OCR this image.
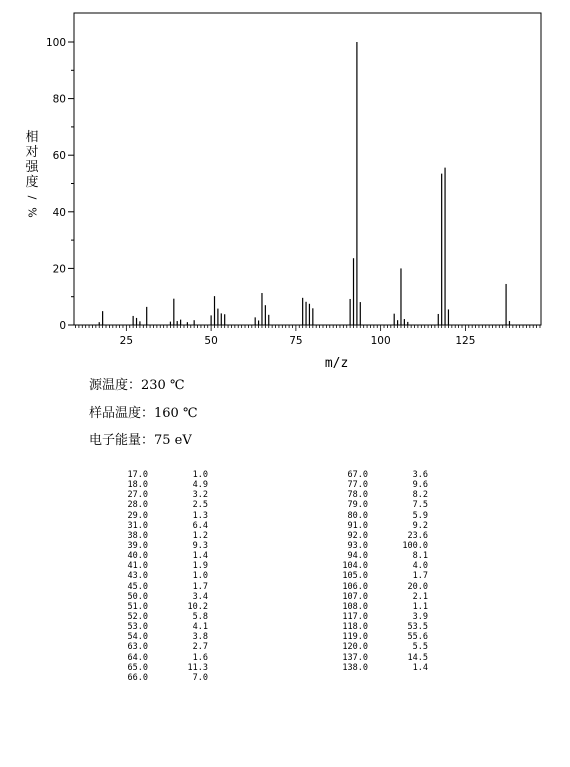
0
20
40
60
80
100
25	50	75	100	125
m/z
相
对
强
度
/
%
源温度：230 ℃
样品温度：160 ℃
电子能量：75 eV
17.0	1.0
18.0	4.9
27.0	3.2
28.0	2.5
29.0	1.3
31.0	6.4
38.0	1.2
39.0	9.3
40.0	1.4
41.0	1.9
43.0	1.0
45.0	1.7
50.0	3.4
51.0	10.2
52.0	5.8
53.0	4.1
54.0	3.8
63.0	2.7
64.0	1.6
65.0	11.3
66.0	7.0
67.0	3.6
77.0	9.6
78.0	8.2
79.0	7.5
80.0	5.9
91.0	9.2
92.0	23.6
93.0	100.0
94.0	8.1
104.0	4.0
105.0	1.7
106.0	20.0
107.0	2.1
108.0	1.1
117.0	3.9
118.0	53.5
119.0	55.6
120.0	5.5
137.0	14.5
138.0	1.4
